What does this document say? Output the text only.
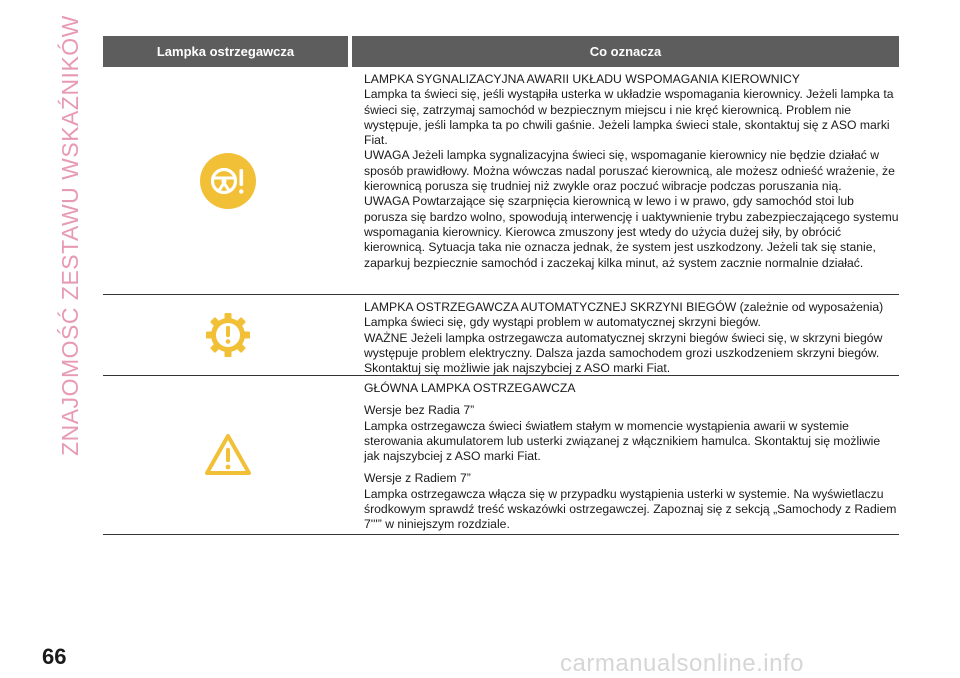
ZNAJOMOŚĆ ZESTAWU WSKAŹNIKÓW	Lampka ostrzegawcza	Co oznacza

LAMPKA SYGNALIZACYJNA AWARII UKŁADU WSPOMAGANIA KIEROWNICY

Lampka ta świeci się, jeśli wystąpiła usterka w układzie wspomagania kierownicy. Jeżeli lampka ta świeci się, zatrzymaj samochód w bezpiecznym miejscu i nie kręć kierownicą. Problem nie występuje, jeśli lampka ta po chwili gaśnie. Jeżeli lampka świeci stale, skontaktuj się z ASO marki Fiat.

UWAGA Jeżeli lampka sygnalizacyjna świeci się, wspomaganie kierownicy nie będzie działać w sposób prawidłowy. Można wówczas nadal poruszać kierownicą, ale możesz odnieść wrażenie, że kierownicą porusza się trudniej niż zwykle oraz poczuć wibracje podczas poruszania nią.

UWAGA Powtarzające się szarpnięcia kierownicą w lewo i w prawo, gdy samochód stoi lub porusza się bardzo wolno, spowodują interwencję i uaktywnienie trybu zabezpieczającego systemu wspomagania kierownicy. Kierowca zmuszony jest wtedy do użycia dużej siły, by obrócić kierownicą. Sytuacja taka nie oznacza jednak, że system jest uszkodzony. Jeżeli tak się stanie, zaparkuj bezpiecznie samochód i zaczekaj kilka minut, aż system zacznie normalnie działać.

LAMPKA OSTRZEGAWCZA AUTOMATYCZNEJ SKRZYNI BIEGÓW (zależnie od wyposażenia)

Lampka świeci się, gdy wystąpi problem w automatycznej skrzyni biegów.

WAŻNE Jeżeli lampka ostrzegawcza automatycznej skrzyni biegów świeci się, w skrzyni biegów występuje problem elektryczny. Dalsza jazda samochodem grozi uszkodzeniem skrzyni biegów. Skontaktuj się możliwie jak najszybciej z ASO marki Fiat.

GŁÓWNA LAMPKA OSTRZEGAWCZA

Wersje bez Radia 7”

Lampka ostrzegawcza świeci światłem stałym w momencie wystąpienia awarii w systemie sterowania akumulatorem lub usterki związanej z włącznikiem hamulca. Skontaktuj się możliwie jak najszybciej z ASO marki Fiat.

Wersje z Radiem 7”

Lampka ostrzegawcza włącza się w przypadku wystąpienia usterki w systemie. Na wyświetlaczu środkowym sprawdź treść wskazówki ostrzegawczej. Zapoznaj się z sekcją „Samochody z Radiem 7'''” w niniejszym rozdziale.

66	carmanualsonline.info
